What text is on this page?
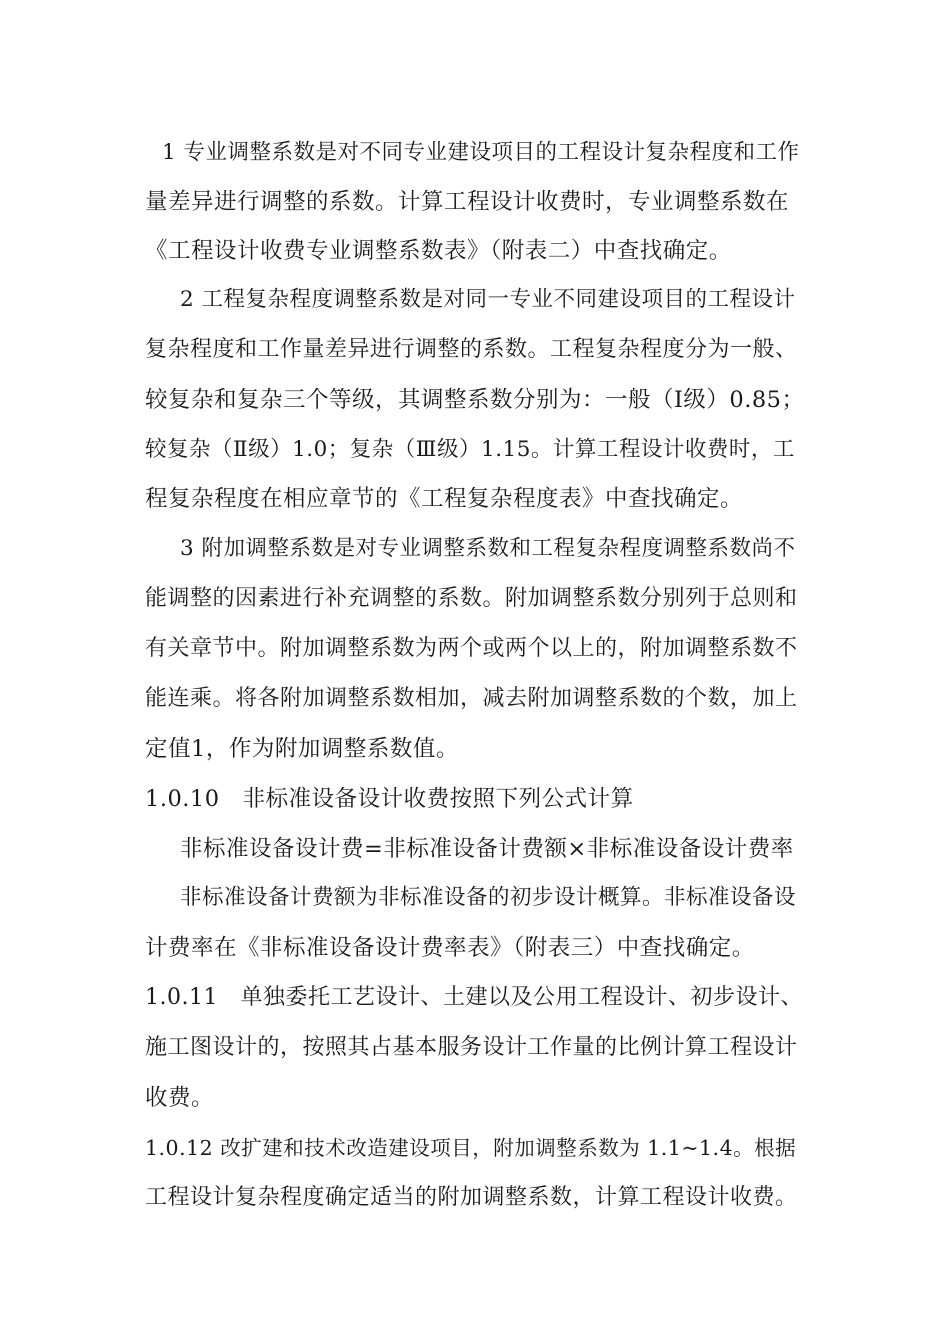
1 专业调整系数是对不同专业建设项目的工程设计复杂程度和工作
量差异进行调整的系数。计算工程设计收费时，专业调整系数在
《工程设计收费专业调整系数表》（附表二）中查找确定。
2 工程复杂程度调整系数是对同一专业不同建设项目的工程设计
复杂程度和工作量差异进行调整的系数。工程复杂程度分为一般、
较复杂和复杂三个等级，其调整系数分别为：一般（Ⅰ级）0.85；
较复杂（Ⅱ级）1.0；复杂（Ⅲ级）1.15。计算工程设计收费时，工
程复杂程度在相应章节的《工程复杂程度表》中查找确定。
3 附加调整系数是对专业调整系数和工程复杂程度调整系数尚不
能调整的因素进行补充调整的系数。附加调整系数分别列于总则和
有关章节中。附加调整系数为两个或两个以上的，附加调整系数不
能连乘。将各附加调整系数相加，减去附加调整系数的个数，加上
定值1，作为附加调整系数值。
1.0.10　非标准设备设计收费按照下列公式计算
非标准设备设计费=非标准设备计费额×非标准设备设计费率
非标准设备计费额为非标准设备的初步设计概算。非标准设备设
计费率在《非标准设备设计费率表》（附表三）中查找确定。
1.0.11　单独委托工艺设计、土建以及公用工程设计、初步设计、
施工图设计的，按照其占基本服务设计工作量的比例计算工程设计
收费。
1.0.12 改扩建和技术改造建设项目，附加调整系数为 1.1~1.4。根据
工程设计复杂程度确定适当的附加调整系数，计算工程设计收费。
